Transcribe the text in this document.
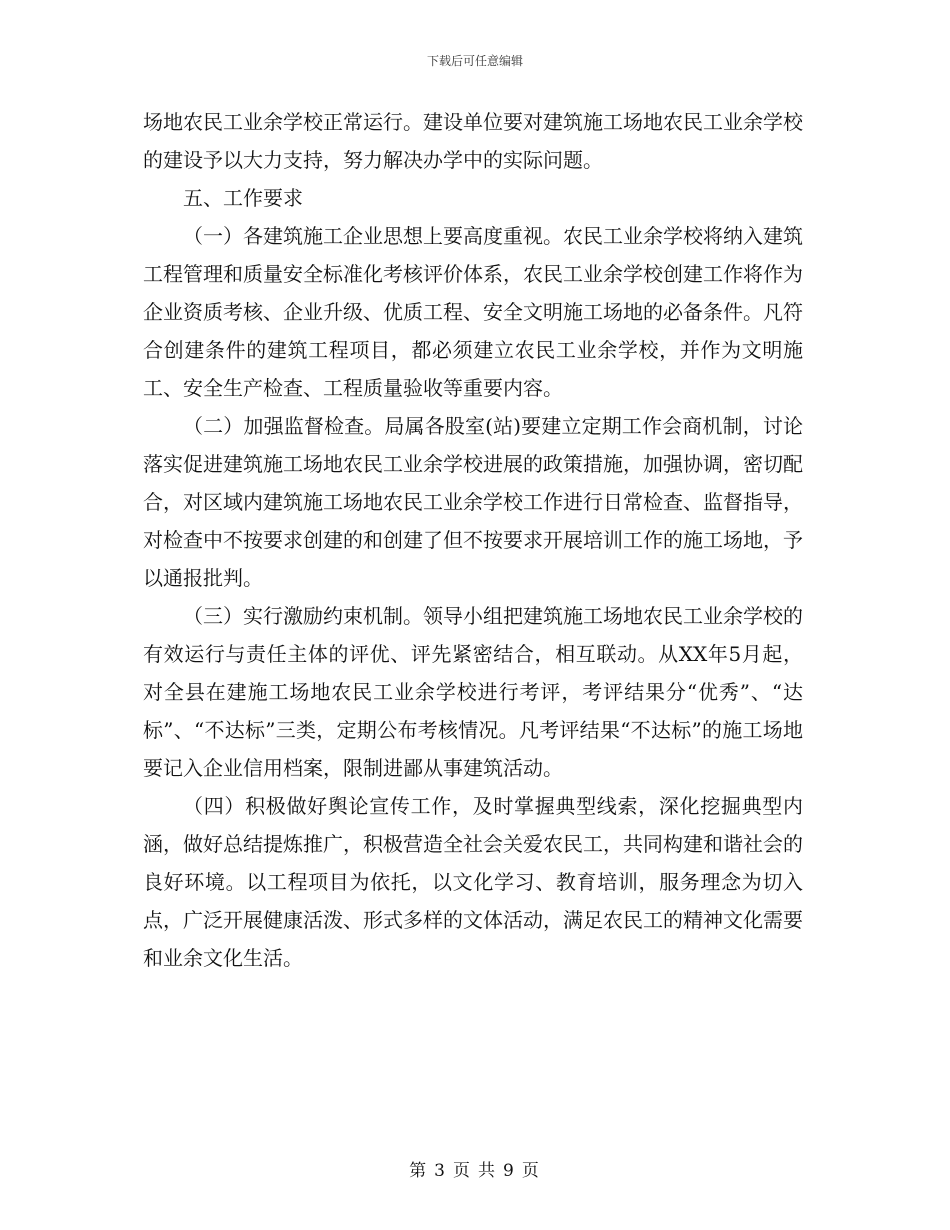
下载后可任意编辑

场地农民工业余学校正常运行。建设单位要对建筑施工场地农民工业余学校的建设予以大力支持，努力解决办学中的实际问题。

五、工作要求

（一）各建筑施工企业思想上要高度重视。农民工业余学校将纳入建筑工程管理和质量安全标准化考核评价体系，农民工业余学校创建工作将作为企业资质考核、企业升级、优质工程、安全文明施工场地的必备条件。凡符合创建条件的建筑工程项目，都必须建立农民工业余学校，并作为文明施工、安全生产检查、工程质量验收等重要内容。

（二）加强监督检查。局属各股室(站)要建立定期工作会商机制，讨论落实促进建筑施工场地农民工业余学校进展的政策措施，加强协调，密切配合，对区域内建筑施工场地农民工业余学校工作进行日常检查、监督指导，对检查中不按要求创建的和创建了但不按要求开展培训工作的施工场地，予以通报批判。

（三）实行激励约束机制。领导小组把建筑施工场地农民工业余学校的有效运行与责任主体的评优、评先紧密结合，相互联动。从XX年5月起，对全县在建施工场地农民工业余学校进行考评，考评结果分“优秀”、“达标”、“不达标”三类，定期公布考核情况。凡考评结果“不达标”的施工场地要记入企业信用档案，限制进鄙从事建筑活动。

（四）积极做好舆论宣传工作，及时掌握典型线索，深化挖掘典型内涵，做好总结提炼推广，积极营造全社会关爱农民工，共同构建和谐社会的良好环境。以工程项目为依托，以文化学习、教育培训，服务理念为切入点，广泛开展健康活泼、形式多样的文体活动，满足农民工的精神文化需要和业余文化生活。

第 3 页 共 9 页
